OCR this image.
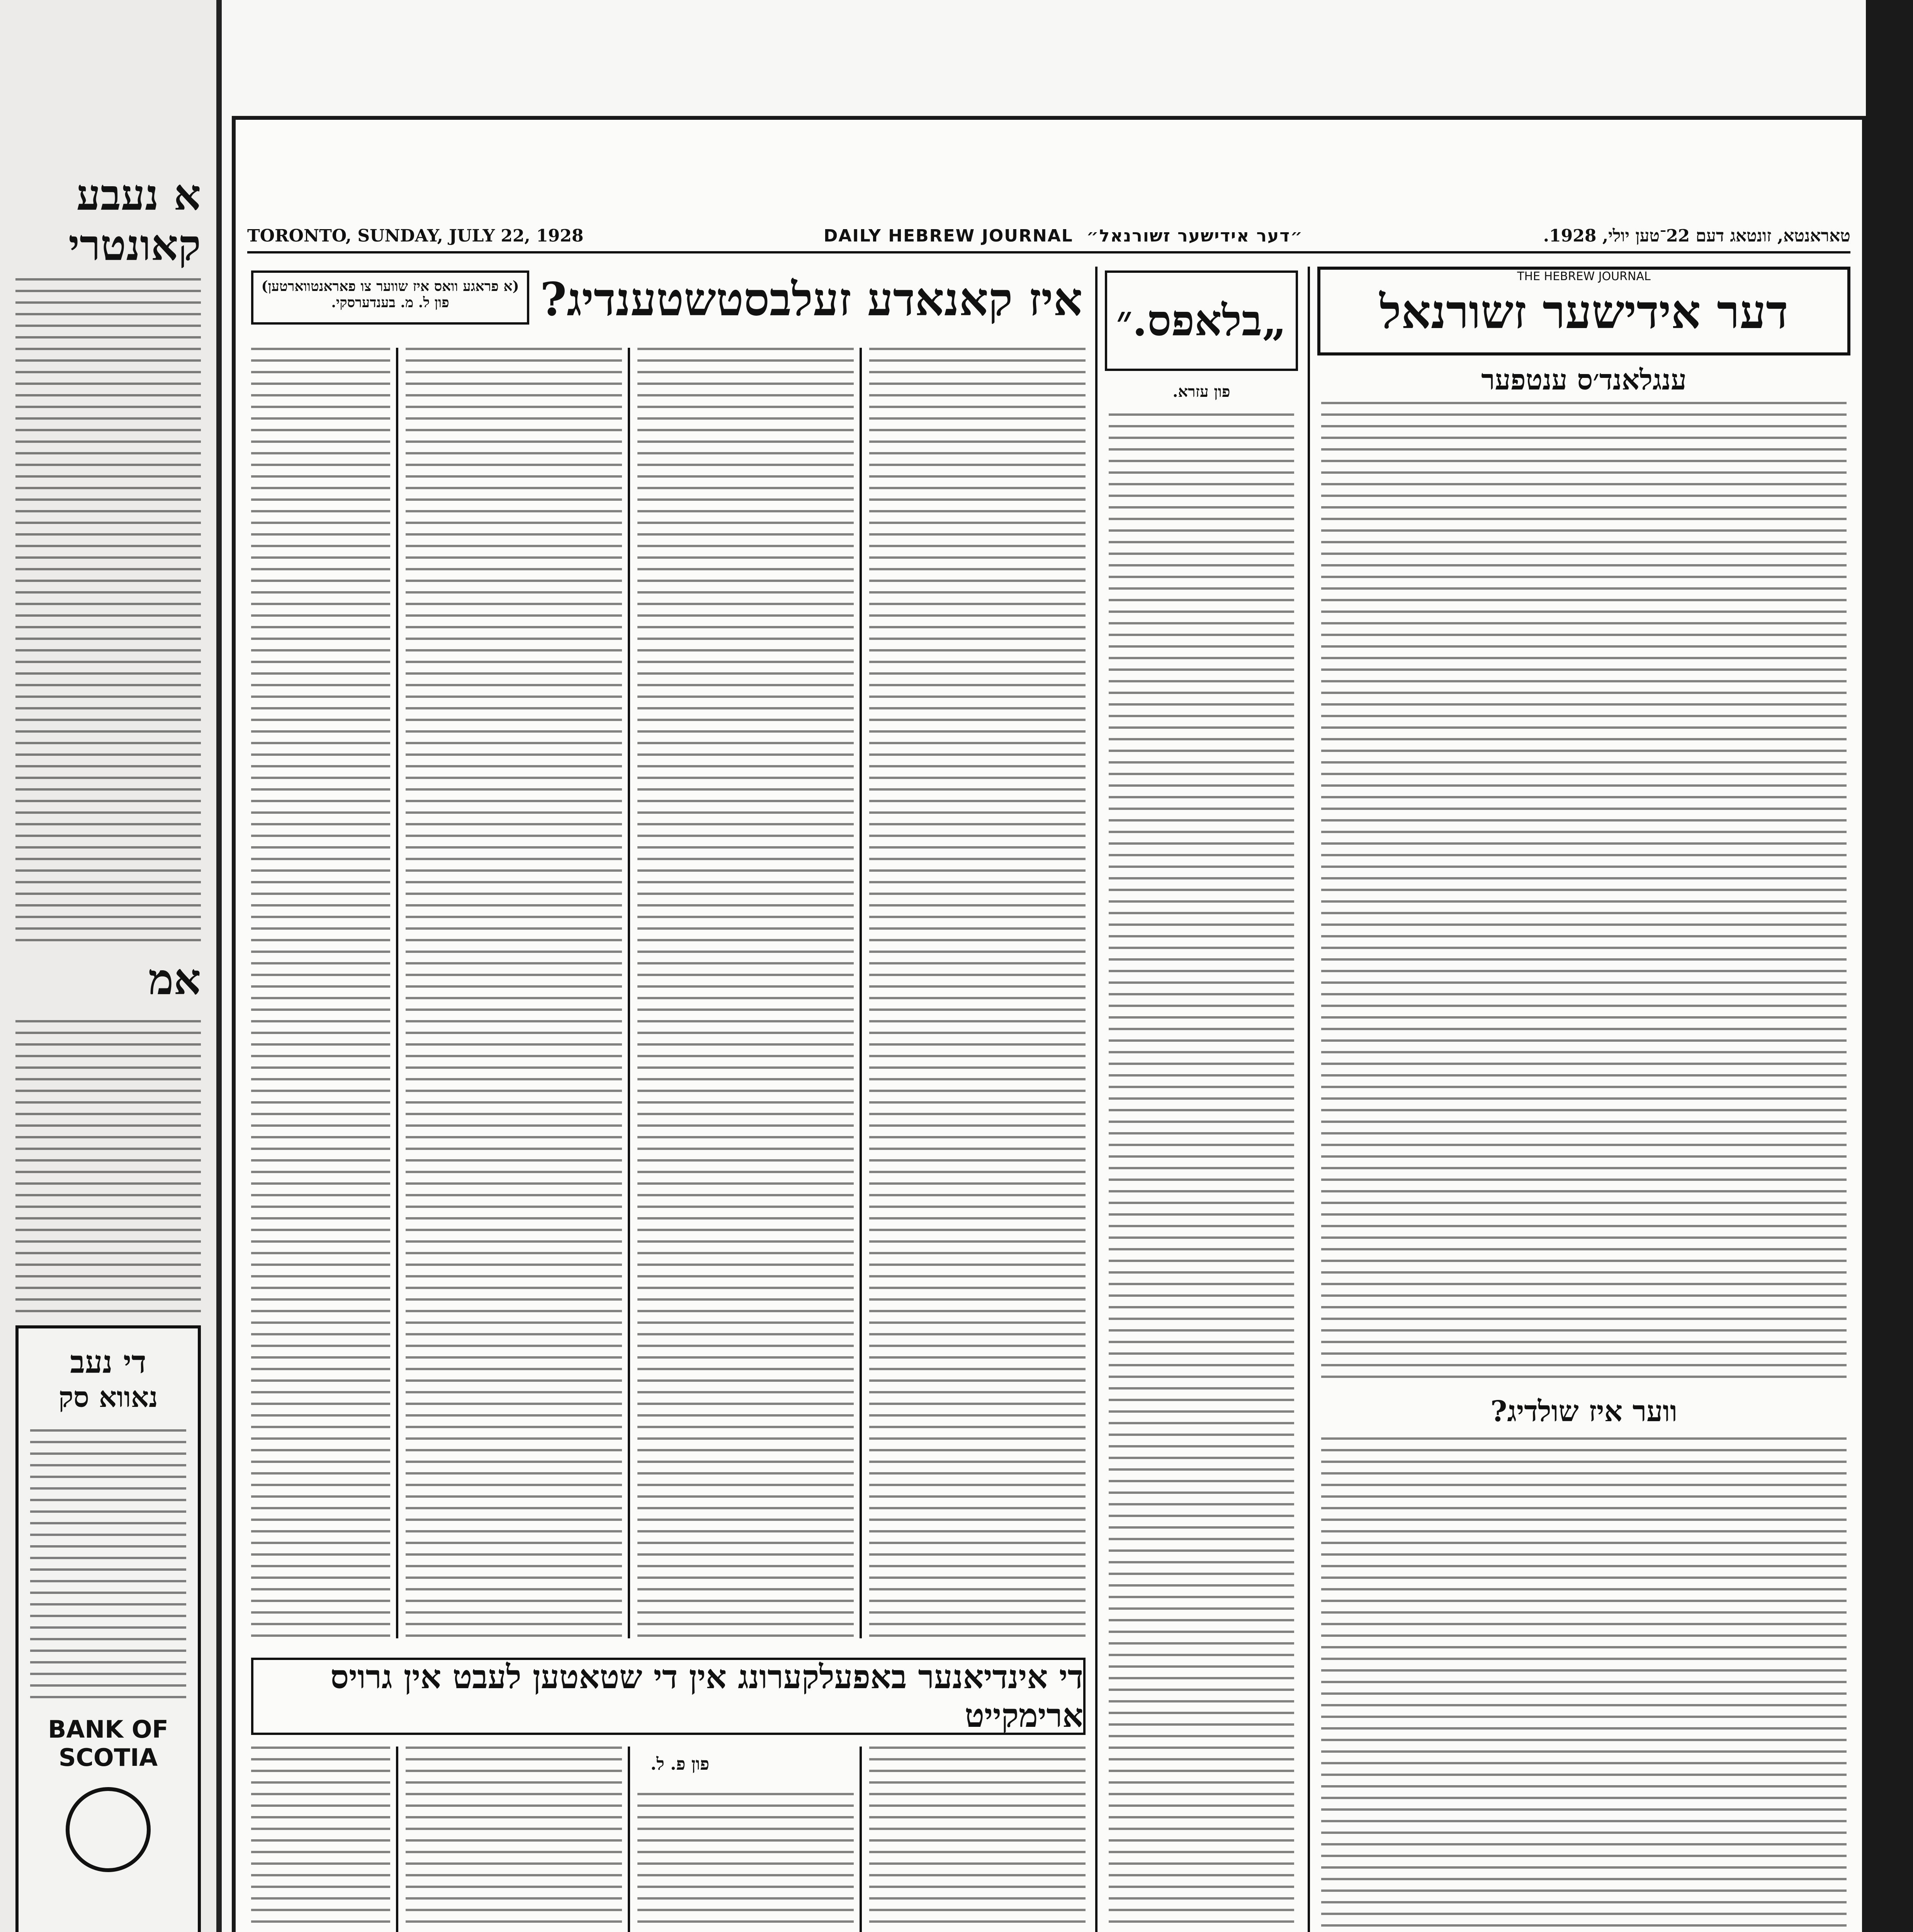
א נעבע
קאונטרי
אמ
די נעב
נאווא סק
BANK OF
SCOTIA
TORONTO, SUNDAY, JULY 22, 1928	DAILY HEBREW JOURNAL ״דער אידישער זשורנאל״	טאראנטא, זונטאג דעם 22־טען יולי, 1928.
THE HEBREW JOURNAL
דער אידישער זשורנאל
ענגלאנד׳ס ענטפער
ווער איז שולדיג?
„בלאפס.״
פון עזרא.
איז קאנאדע זעלבסטשטענדיג?
(א פראגע וואס איז שווער צו פאראנטווארטען)
פון ל. מ. בענדערסקי.
די אינדיאנער באפעלקערונג אין די שטאטען לעבט אין גרויס ארימקייט
פון פ. ל.
